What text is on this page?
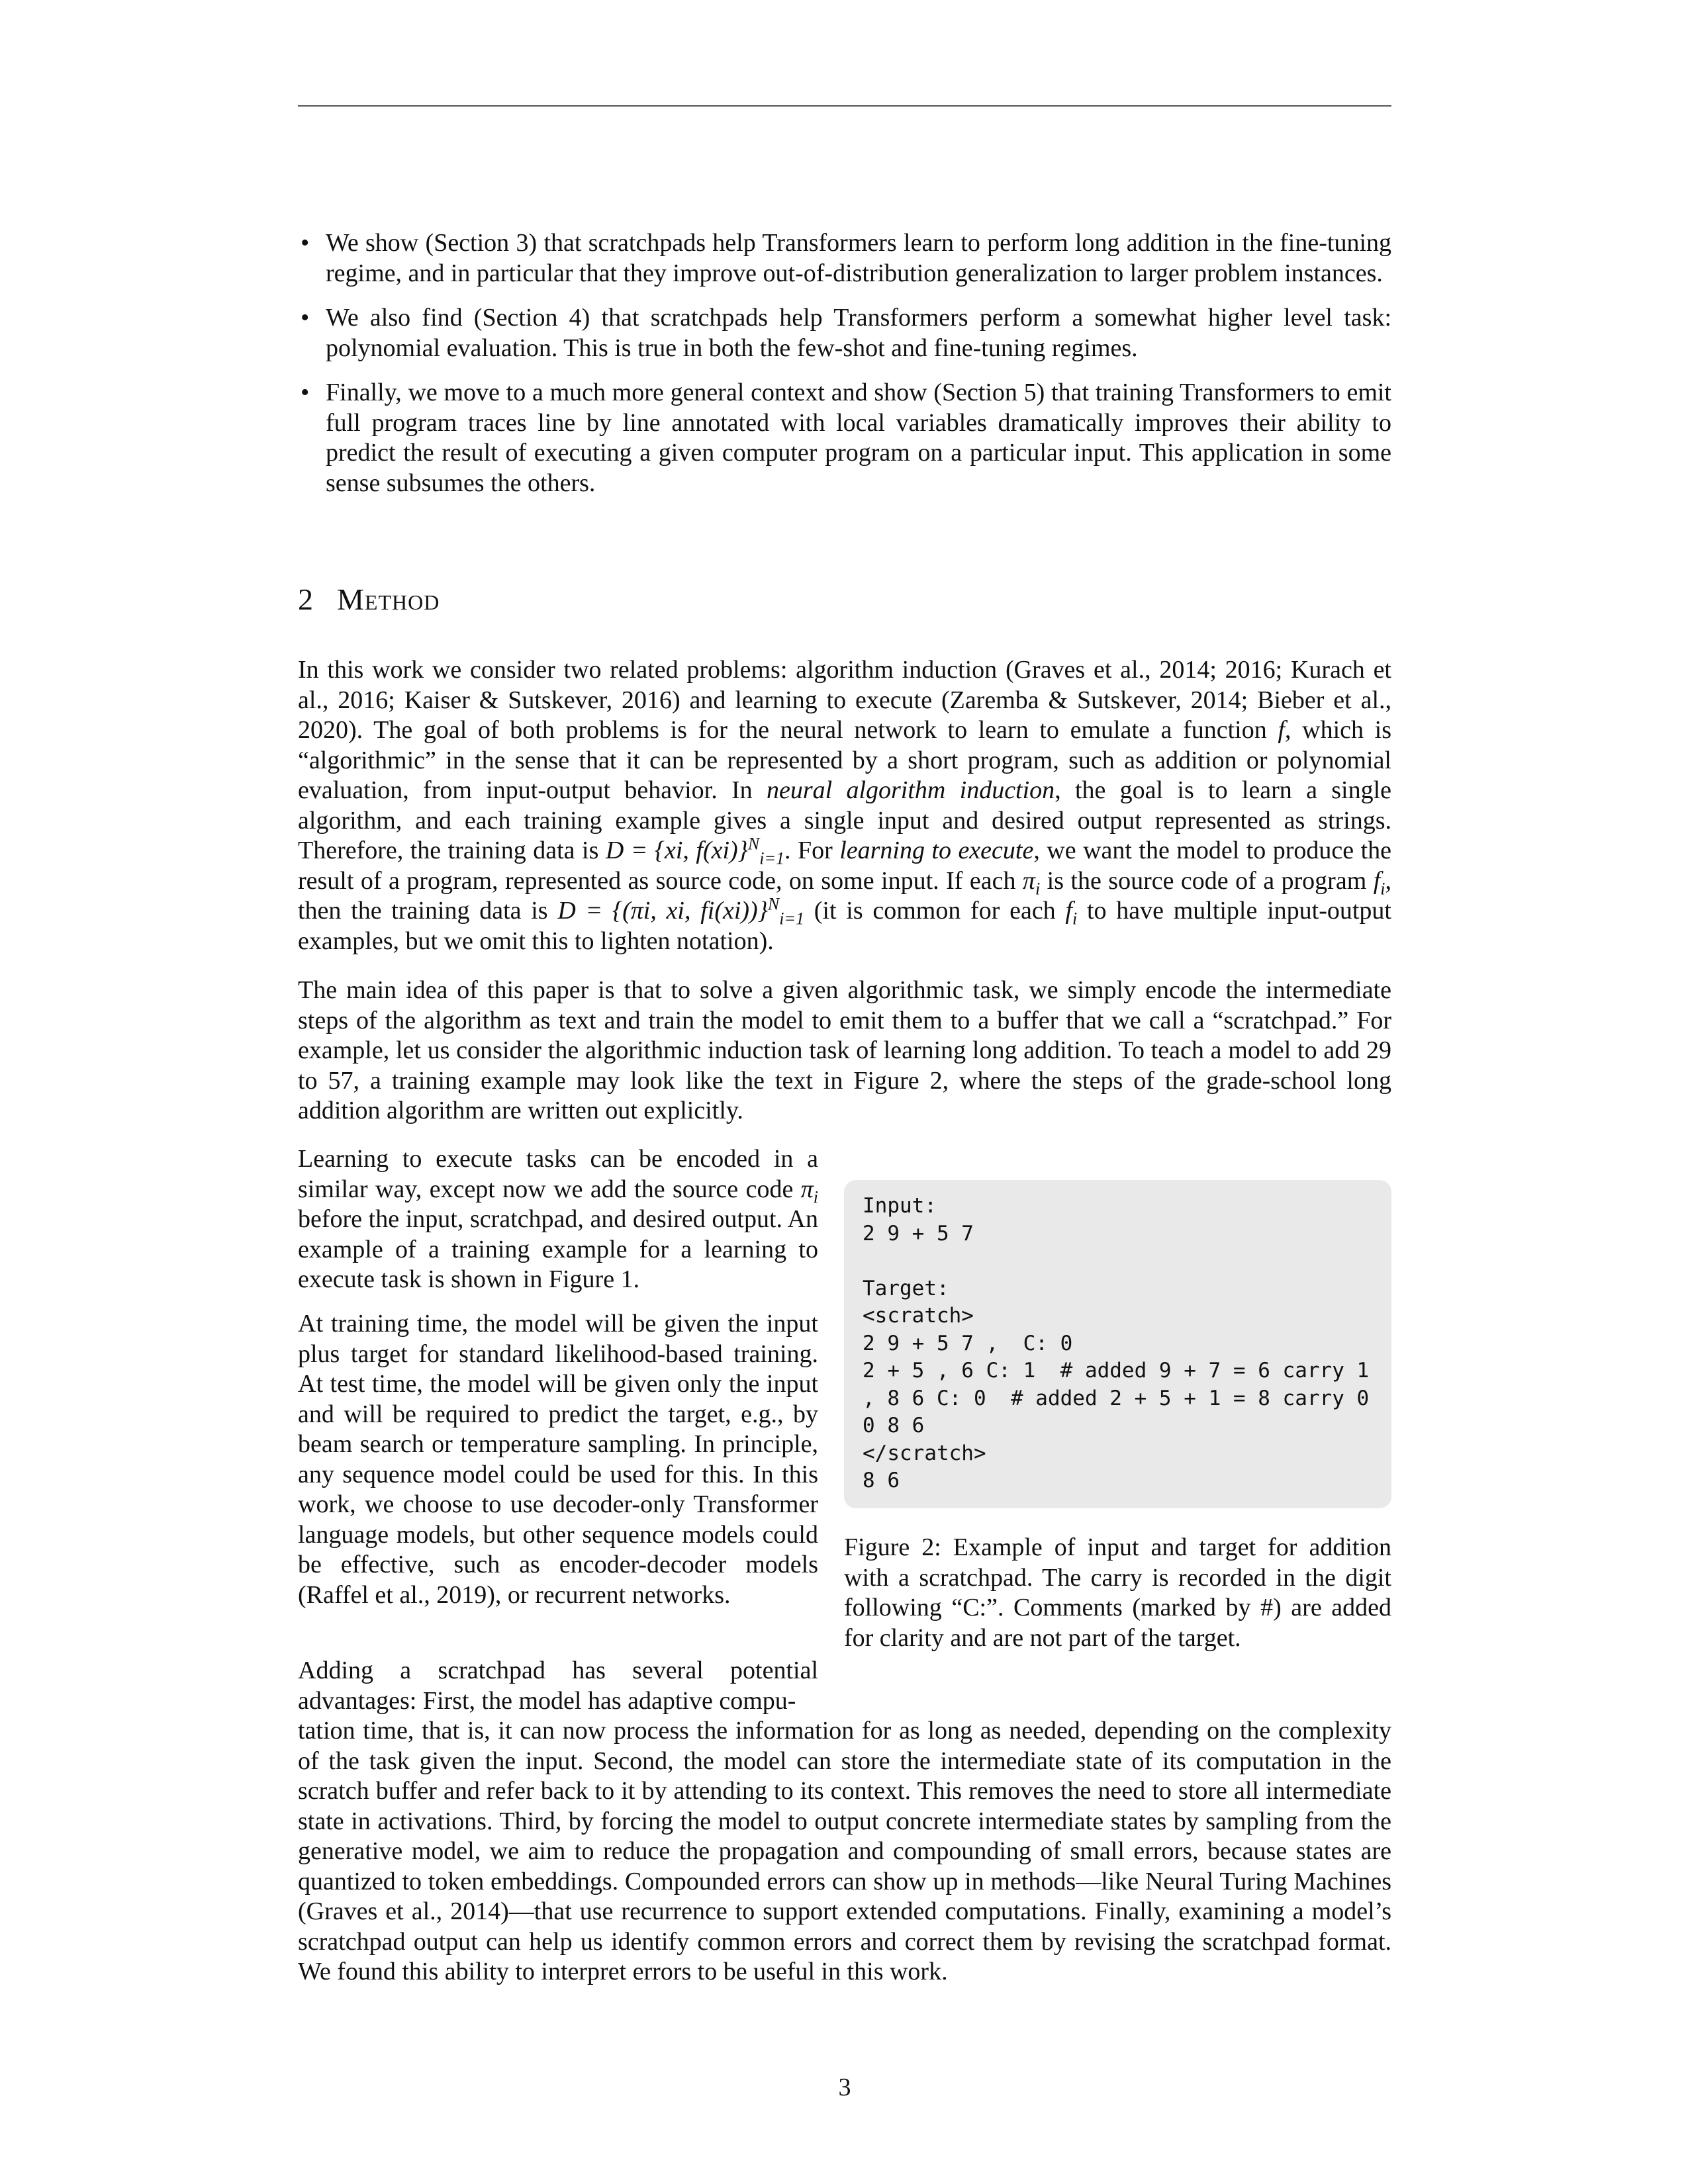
• We show (Section 3) that scratchpads help Transformers learn to perform long addition in the fine-tuning regime, and in particular that they improve out-of-distribution generalization to larger problem instances.
• We also find (Section 4) that scratchpads help Transformers perform a somewhat higher level task: polynomial evaluation. This is true in both the few-shot and fine-tuning regimes.
• Finally, we move to a much more general context and show (Section 5) that training Transformers to emit full program traces line by line annotated with local variables dramatically improves their ability to predict the result of executing a given computer program on a particular input. This application in some sense subsumes the others.
2 Method

In this work we consider two related problems: algorithm induction (Graves et al., 2014; 2016; Kurach et al., 2016; Kaiser & Sutskever, 2016) and learning to execute (Zaremba & Sutskever, 2014; Bieber et al., 2020). The goal of both problems is for the neural network to learn to emulate a function f, which is “algorithmic” in the sense that it can be represented by a short program, such as addition or polynomial evaluation, from input-output behavior. In neural algorithm induction, the goal is to learn a single algorithm, and each training example gives a single input and desired output represented as strings. Therefore, the training data is D = {xi, f(xi)}$^N_{i=1}$. For learning to execute, we want the model to produce the result of a program, represented as source code, on some input. If each $\pi_i$ is the source code of a program $f_i$, then the training data is D = {(πi, xi, fi(xi))}$^N_{i=1}$ (it is common for each $f_i$ to have multiple input-output examples, but we omit this to lighten notation).

The main idea of this paper is that to solve a given algorithmic task, we simply encode the intermediate steps of the algorithm as text and train the model to emit them to a buffer that we call a “scratchpad.” For example, let us consider the algorithmic induction task of learning long addition. To teach a model to add 29 to 57, a training example may look like the text in Figure 2, where the steps of the grade-school long addition algorithm are written out explicitly.

Learning to execute tasks can be encoded in a similar way, except now we add the source code $\pi_i$ before the input, scratchpad, and desired output. An example of a training example for a learning to execute task is shown in Figure 1.

At training time, the model will be given the input plus target for standard likelihood-based training. At test time, the model will be given only the input and will be required to predict the target, e.g., by beam search or temperature sampling. In principle, any sequence model could be used for this. In this work, we choose to use decoder-only Transformer language models, but other sequence models could be effective, such as encoder-decoder models (Raffel et al., 2019), or recurrent networks.

Adding a scratchpad has several potential advantages: First, the model has adaptive compu-

tation time, that is, it can now process the information for as long as needed, depending on the complexity of the task given the input. Second, the model can store the intermediate state of its computation in the scratch buffer and refer back to it by attending to its context. This removes the need to store all intermediate state in activations. Third, by forcing the model to output concrete intermediate states by sampling from the generative model, we aim to reduce the propagation and compounding of small errors, because states are quantized to token embeddings. Compounded errors can show up in methods—like Neural Turing Machines (Graves et al., 2014)—that use recurrence to support extended computations. Finally, examining a model’s scratchpad output can help us identify common errors and correct them by revising the scratchpad format. We found this ability to interpret errors to be useful in this work.

Input:
2 9 + 5 7

Target:
<scratch>
2 9 + 5 7 ,  C: 0
2 + 5 , 6 C: 1  # added 9 + 7 = 6 carry 1
, 8 6 C: 0  # added 2 + 5 + 1 = 8 carry 0
0 8 6
</scratch>
8 6

Figure 2: Example of input and target for addition with a scratchpad. The carry is recorded in the digit following “C:”. Comments (marked by #) are added for clarity and are not part of the target.

3
